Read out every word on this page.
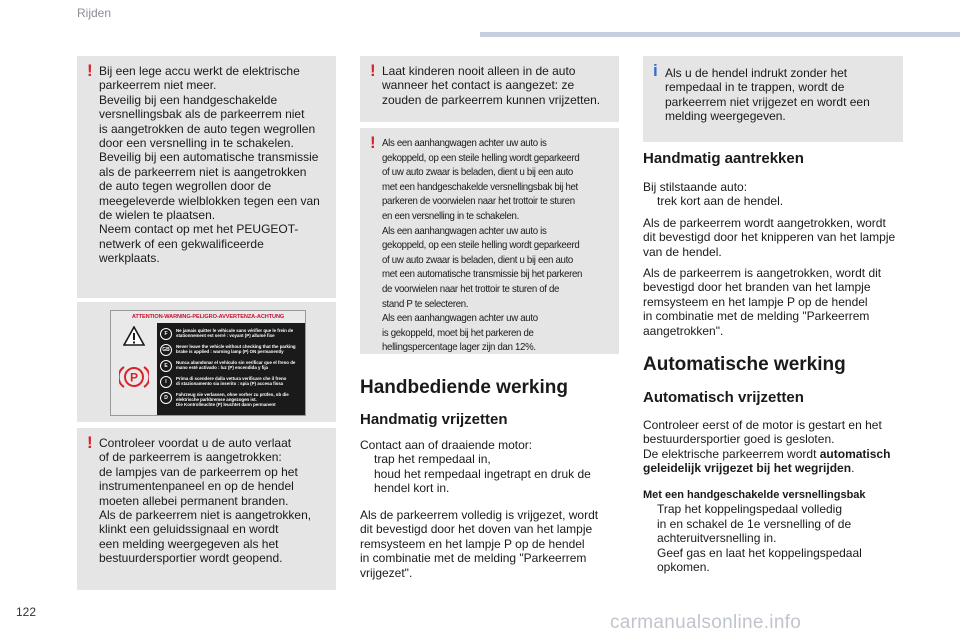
Rijden
122	carmanualsonline.info
! Bij een lege accu werkt de elektrische
parkeerrem niet meer.
Beveilig bij een handgeschakelde
versnellingsbak als de parkeerrem niet
is aangetrokken de auto tegen wegrollen
door een versnelling in te schakelen.
Beveilig bij een automatische transmissie
als de parkeerrem niet is aangetrokken
de auto tegen wegrollen door de
meegeleverde wielblokken tegen een van
de wielen te plaatsen.
Neem contact op met het PEUGEOT-
netwerk of een gekwalificeerde
werkplaats.
ATTENTION-WARNING-PELIGRO-AVVERTENZA-ACHTUNG
P
F
Ne jamais quitter le véhicule sans vérifier que le frein de
stationnement est serré : voyant (P) allumé fixe
GB
Never leave the vehicle without checking that the parking
brake is applied : warning lamp (P) ON permanently
E
Nunca abandonar el vehículo sin verificar que el freno de
mano esté activado : luz (P) encendida y fija
I
Prima di scendere dalla vettura verificare che il freno
di stazionamento sia inserito : spia (P) accesa fissa
D
Fahrzeug nie verlassen, ohne vorher zu prüfen, ob die
elektrische parkbremse angezogen ist.
Die Kontrolleuchte (P) leuchtet dann permanent
! Controleer voordat u de auto verlaat
of de parkeerrem is aangetrokken:
de lampjes van de parkeerrem op het
instrumentenpaneel en op de hendel
moeten allebei permanent branden.
Als de parkeerrem niet is aangetrokken,
klinkt een geluidssignaal en wordt
een melding weergegeven als het
bestuurdersportier wordt geopend.
! Laat kinderen nooit alleen in de auto
wanneer het contact is aangezet: ze
zouden de parkeerrem kunnen vrijzetten.
! Als een aanhangwagen achter uw auto is
gekoppeld, op een steile helling wordt geparkeerd
of uw auto zwaar is beladen, dient u bij een auto
met een handgeschakelde versnellingsbak bij het
parkeren de voorwielen naar het trottoir te sturen
en een versnelling in te schakelen.
Als een aanhangwagen achter uw auto is
gekoppeld, op een steile helling wordt geparkeerd
of uw auto zwaar is beladen, dient u bij een auto
met een automatische transmissie bij het parkeren
de voorwielen naar het trottoir te sturen of de
stand P te selecteren.
Als een aanhangwagen achter uw auto
is gekoppeld, moet bij het parkeren de
hellingspercentage lager zijn dan 12%.
Handbediende werking
Handmatig vrijzetten
Contact aan of draaiende motor:
trap het rempedaal in,
houd het rempedaal ingetrapt en druk de
hendel kort in.
Als de parkeerrem volledig is vrijgezet, wordt
dit bevestigd door het doven van het lampje
remsysteem en het lampje P op de hendel
in combinatie met de melding "Parkeerrem
vrijgezet".
i Als u de hendel indrukt zonder het
rempedaal in te trappen, wordt de
parkeerrem niet vrijgezet en wordt een
melding weergegeven.
Handmatig aantrekken
Bij stilstaande auto:
trek kort aan de hendel.
Als de parkeerrem wordt aangetrokken, wordt
dit bevestigd door het knipperen van het lampje
van de hendel.
Als de parkeerrem is aangetrokken, wordt dit
bevestigd door het branden van het lampje
remsysteem en het lampje P op de hendel
in combinatie met de melding "Parkeerrem
aangetrokken".
Automatische werking
Automatisch vrijzetten
Controleer eerst of de motor is gestart en het
bestuurdersportier goed is gesloten.
De elektrische parkeerrem wordt automatisch
geleidelijk vrijgezet bij het wegrijden.
Met een handgeschakelde versnellingsbak
Trap het koppelingspedaal volledig
in en schakel de 1e versnelling of de
achteruitversnelling in.
Geef gas en laat het koppelingspedaal
opkomen.
